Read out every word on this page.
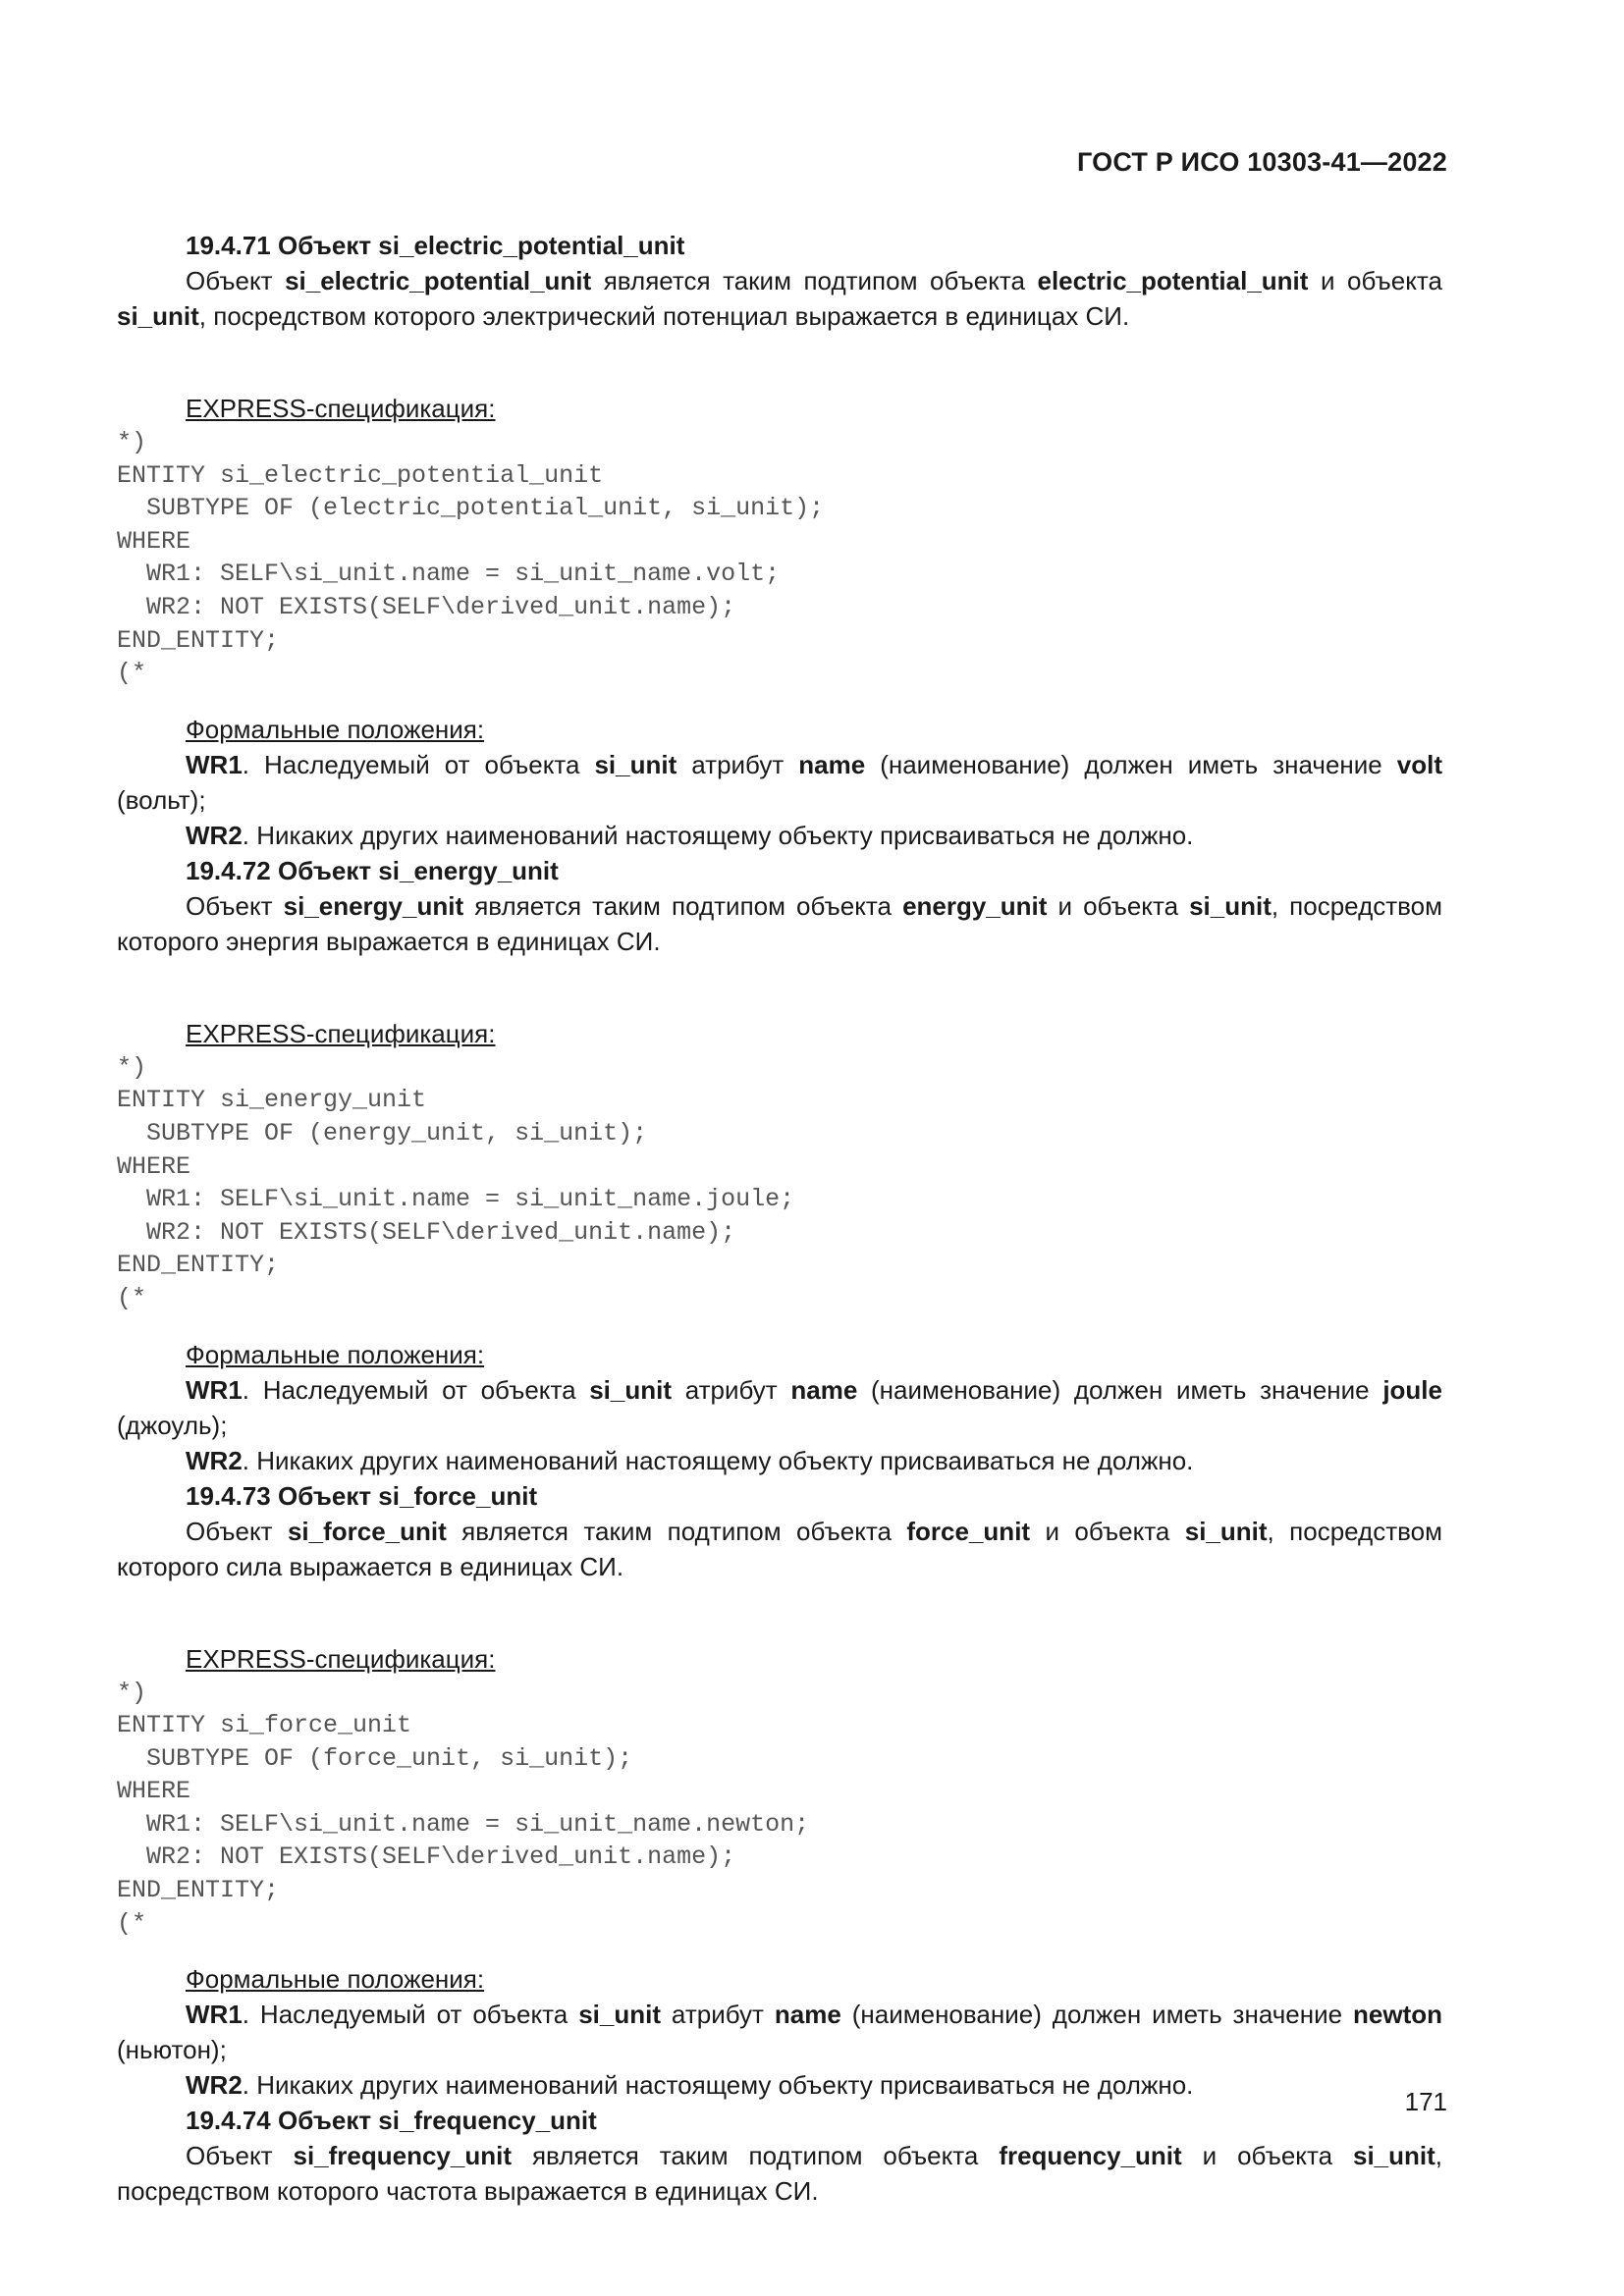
ГОСТ Р ИСО 10303-41—2022

19.4.71 Объект si_electric_potential_unit

Объект si_electric_potential_unit является таким подтипом объекта electric_potential_unit и объекта si_unit, посредством которого электрический потенциал выражается в единицах СИ.

EXPRESS-спецификация:

*)
ENTITY si_electric_potential_unit
SUBTYPE OF (electric_potential_unit, si_unit);
WHERE
WR1: SELF\si_unit.name = si_unit_name.volt;
WR2: NOT EXISTS(SELF\derived_unit.name);
END_ENTITY;
(*

Формальные положения:

WR1. Наследуемый от объекта si_unit атрибут name (наименование) должен иметь значение volt (вольт);

WR2. Никаких других наименований настоящему объекту присваиваться не должно.

19.4.72 Объект si_energy_unit

Объект si_energy_unit является таким подтипом объекта energy_unit и объекта si_unit, посредством которого энергия выражается в единицах СИ.

EXPRESS-спецификация:

*)
ENTITY si_energy_unit
SUBTYPE OF (energy_unit, si_unit);
WHERE
WR1: SELF\si_unit.name = si_unit_name.joule;
WR2: NOT EXISTS(SELF\derived_unit.name);
END_ENTITY;
(*

Формальные положения:

WR1. Наследуемый от объекта si_unit атрибут name (наименование) должен иметь значение joule (джоуль);

WR2. Никаких других наименований настоящему объекту присваиваться не должно.

19.4.73 Объект si_force_unit

Объект si_force_unit является таким подтипом объекта force_unit и объекта si_unit, посредством которого сила выражается в единицах СИ.

EXPRESS-спецификация:

*)
ENTITY si_force_unit
SUBTYPE OF (force_unit, si_unit);
WHERE
WR1: SELF\si_unit.name = si_unit_name.newton;
WR2: NOT EXISTS(SELF\derived_unit.name);
END_ENTITY;
(*

Формальные положения:

WR1. Наследуемый от объекта si_unit атрибут name (наименование) должен иметь значение newton (ньютон);

WR2. Никаких других наименований настоящему объекту присваиваться не должно.

19.4.74 Объект si_frequency_unit

Объект si_frequency_unit является таким подтипом объекта frequency_unit и объекта si_unit, посредством которого частота выражается в единицах СИ.

171
